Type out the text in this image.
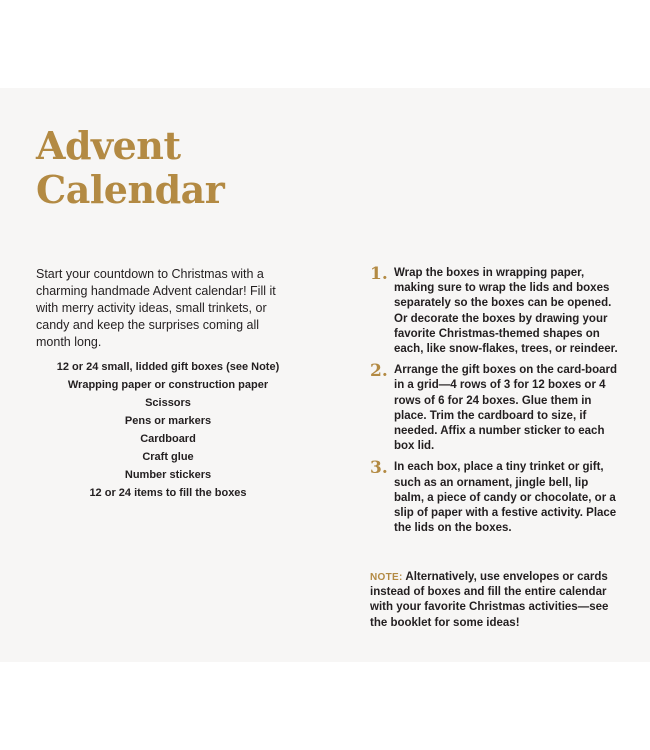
Advent
Calendar

Start your countdown to Christmas with a charming handmade Advent calendar! Fill it with merry activity ideas, small trinkets, or candy and keep the surprises coming all month long.

12 or 24 small, lidded gift boxes (see Note)
Wrapping paper or construction paper
Scissors
Pens or markers
Cardboard
Craft glue
Number stickers
12 or 24 items to fill the boxes
1. Wrap the boxes in wrapping paper, making sure to wrap the lids and boxes separately so the boxes can be opened. Or decorate the boxes by drawing your favorite Christmas-themed shapes on each, like snow-flakes, trees, or reindeer.
2. Arrange the gift boxes on the card-board in a grid—4 rows of 3 for 12 boxes or 4 rows of 6 for 24 boxes. Glue them in place. Trim the cardboard to size, if needed. Affix a number sticker to each box lid.
3. In each box, place a tiny trinket or gift, such as an ornament, jingle bell, lip balm, a piece of candy or chocolate, or a slip of paper with a festive activity. Place the lids on the boxes.

NOTE: Alternatively, use envelopes or cards instead of boxes and fill the entire calendar with your favorite Christmas activities—see the booklet for some ideas!
